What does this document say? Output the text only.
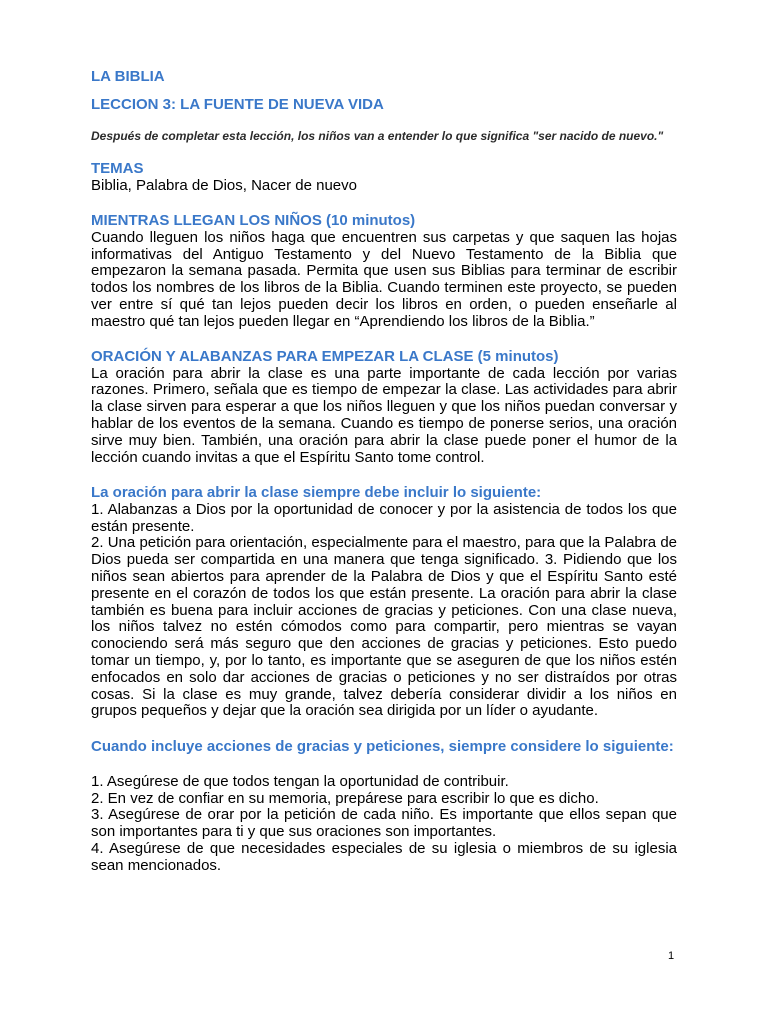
LA BIBLIA
LECCION 3: LA FUENTE DE NUEVA VIDA
Después de completar esta lección, los niños van a entender lo que significa "ser nacido de nuevo."
TEMAS

Biblia, Palabra de Dios, Nacer de nuevo

MIENTRAS LLEGAN LOS NIÑOS (10 minutos)

Cuando lleguen los niños haga que encuentren sus carpetas y que saquen las hojas informativas del Antiguo Testamento y del Nuevo Testamento de la Biblia que empezaron la semana pasada. Permita que usen sus Biblias para terminar de escribir todos los nombres de los libros de la Biblia. Cuando terminen este proyecto, se pueden ver entre sí qué tan lejos pueden decir los libros en orden, o pueden enseñarle al maestro qué tan lejos pueden llegar en “Aprendiendo los libros de la Biblia.”

ORACIÓN Y ALABANZAS PARA EMPEZAR LA CLASE (5 minutos)

La oración para abrir la clase es una parte importante de cada lección por varias razones. Primero, señala que es tiempo de empezar la clase. Las actividades para abrir la clase sirven para esperar a que los niños lleguen y que los niños puedan conversar y hablar de los eventos de la semana. Cuando es tiempo de ponerse serios, una oración sirve muy bien. También, una oración para abrir la clase puede poner el humor de la lección cuando invitas a que el Espíritu Santo tome control.

La oración para abrir la clase siempre debe incluir lo siguiente:

1. Alabanzas a Dios por la oportunidad de conocer y por la asistencia de todos los que están presente.

2. Una petición para orientación, especialmente para el maestro, para que la Palabra de Dios pueda ser compartida en una manera que tenga significado. 3. Pidiendo que los niños sean abiertos para aprender de la Palabra de Dios y que el Espíritu Santo esté presente en el corazón de todos los que están presente. La oración para abrir la clase también es buena para incluir acciones de gracias y peticiones. Con una clase nueva, los niños talvez no estén cómodos como para compartir, pero mientras se vayan conociendo será más seguro que den acciones de gracias y peticiones. Esto puedo tomar un tiempo, y, por lo tanto, es importante que se aseguren de que los niños estén enfocados en solo dar acciones de gracias o peticiones y no ser distraídos por otras cosas. Si la clase es muy grande, talvez debería considerar dividir a los niños en grupos pequeños y dejar que la oración sea dirigida por un líder o ayudante.

Cuando incluye acciones de gracias y peticiones, siempre considere lo siguiente:

1. Asegúrese de que todos tengan la oportunidad de contribuir.

2. En vez de confiar en su memoria, prepárese para escribir lo que es dicho.

3. Asegúrese de orar por la petición de cada niño. Es importante que ellos sepan que son importantes para ti y que sus oraciones son importantes.

4. Asegúrese de que necesidades especiales de su iglesia o miembros de su iglesia sean mencionados.

1
